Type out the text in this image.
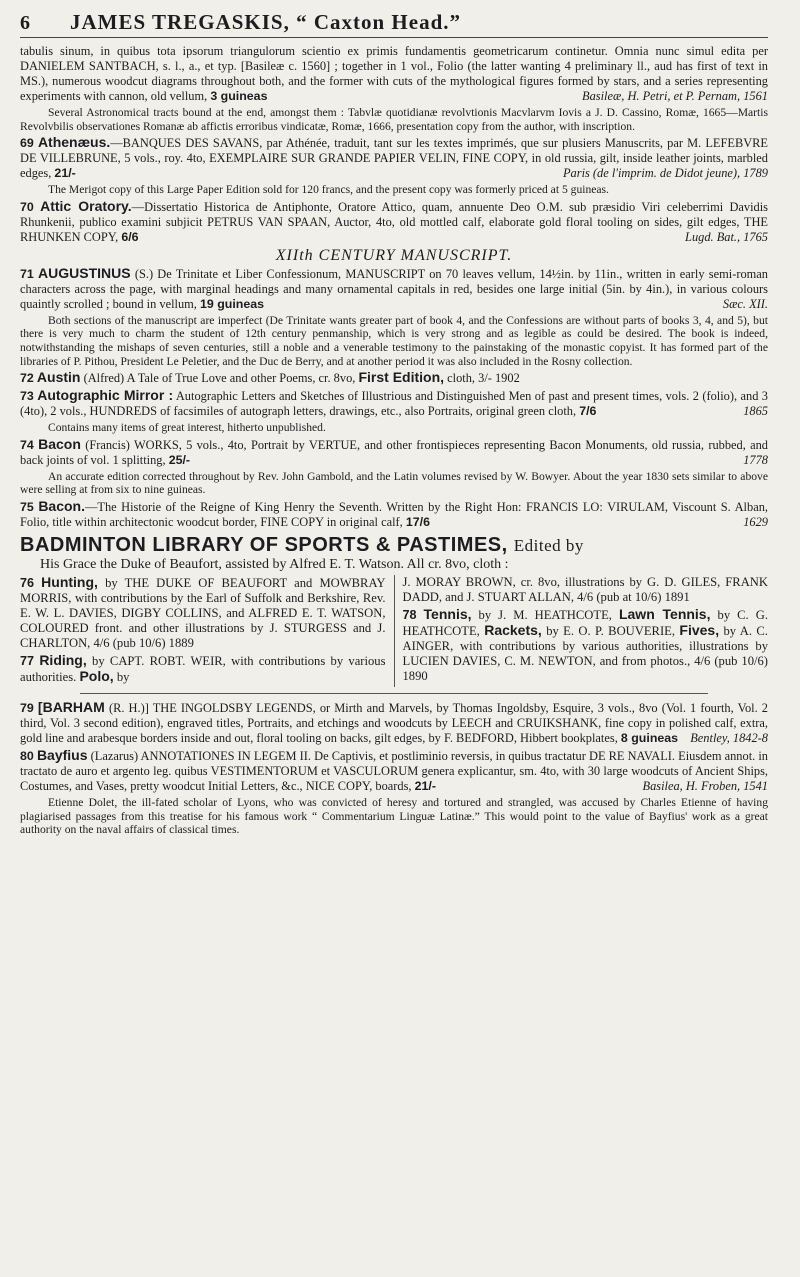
6	JAMES TREGASKIS, “ Caxton Head.”

tabulis sinum, in quibus tota ipsorum triangulorum scientio ex primis fundamentis geometricarum continetur. Omnia nunc simul edita per DANIELEM SANTBACH, s. l., a., et typ. [Basileæ c. 1560] ; together in 1 vol., Folio (the latter wanting 4 preliminary ll., aud has first of text in MS.), numerous woodcut diagrams throughout both, and the former with cuts of the mythological figures formed by stars, and a series representing experiments with cannon, old vellum, 3 guineas	Basileæ, H. Petri, et P. Pernam, 1561

Several Astronomical tracts bound at the end, amongst them : Tabvlæ quotidianæ revolvtionis Macvlarvm Iovis a J. D. Cassino, Romæ, 1665—Martis Revolvbilis observationes Romanæ ab affictis erroribus vindicatæ, Romæ, 1666, presentation copy from the author, with inscription.

69 Athenæus.—BANQUES DES SAVANS, par Athénée, traduit, tant sur les textes imprimés, que sur plusiers Manuscrits, par M. LEFEBVRE DE VILLEBRUNE, 5 vols., roy. 4to, EXEMPLAIRE SUR GRANDE PAPIER VELIN, FINE COPY, in old russia, gilt, inside leather joints, marbled edges, 21/-	Paris (de l'imprim. de Didot jeune), 1789

The Merigot copy of this Large Paper Edition sold for 120 francs, and the present copy was formerly priced at 5 guineas.

70 Attic Oratory.—Dissertatio Historica de Antiphonte, Oratore Attico, quam, annuente Deo O.M. sub præsidio Viri celeberrimi Davidis Rhunkenii, publico examini subjicit PETRUS VAN SPAAN, Auctor, 4to, old mottled calf, elaborate gold floral tooling on sides, gilt edges, THE RHUNKEN COPY, 6/6	Lugd. Bat., 1765

XIIth CENTURY MANUSCRIPT.

71 AUGUSTINUS (S.) De Trinitate et Liber Confessionum, MANUSCRIPT on 70 leaves vellum, 14½in. by 11in., written in early semi-roman characters across the page, with marginal headings and many ornamental capitals in red, besides one large initial (5in. by 4in.), in various colours quaintly scrolled ; bound in vellum, 19 guineas	Sæc. XII.

Both sections of the manuscript are imperfect (De Trinitate wants greater part of book 4, and the Confessions are without parts of books 3, 4, and 5), but there is very much to charm the student of 12th century penmanship, which is very strong and as legible as could be desired. The book is indeed, notwithstanding the mishaps of seven centuries, still a noble and a venerable testimony to the painstaking of the monastic copyist. It has formed part of the libraries of P. Pithou, President Le Peletier, and the Duc de Berry, and at another period it was also included in the Rosny collection.

72 Austin (Alfred) A Tale of True Love and other Poems, cr. 8vo, First Edition, cloth, 3/- 1902

73 Autographic Mirror : Autographic Letters and Sketches of Illustrious and Distinguished Men of past and present times, vols. 2 (folio), and 3 (4to), 2 vols., HUNDREDS of facsimiles of autograph letters, drawings, etc., also Portraits, original green cloth, 7/6	1865

Contains many items of great interest, hitherto unpublished.

74 Bacon (Francis) WORKS, 5 vols., 4to, Portrait by VERTUE, and other frontispieces representing Bacon Monuments, old russia, rubbed, and back joints of vol. 1 splitting, 25/-	1778

An accurate edition corrected throughout by Rev. John Gambold, and the Latin volumes revised by W. Bowyer. About the year 1830 sets similar to above were selling at from six to nine guineas.

75 Bacon.—The Historie of the Reigne of King Henry the Seventh. Written by the Right Hon: FRANCIS LO: VIRULAM, Viscount S. Alban, Folio, title within architectonic woodcut border, FINE COPY in original calf, 17/6	1629

BADMINTON LIBRARY OF SPORTS & PASTIMES, Edited by
His Grace the Duke of Beaufort, assisted by Alfred E. T. Watson. All cr. 8vo, cloth :

76 Hunting, by THE DUKE OF BEAUFORT and MOWBRAY MORRIS, with contributions by the Earl of Suffolk and Berkshire, Rev. E. W. L. DAVIES, DIGBY COLLINS, and ALFRED E. T. WATSON, COLOURED front. and other illustrations by J. STURGESS and J. CHARLTON, 4/6 (pub 10/6) 1889

77 Riding, by CAPT. ROBT. WEIR, with contributions by various authorities. Polo, by

J. MORAY BROWN, cr. 8vo, illustrations by G. D. GILES, FRANK DADD, and J. STUART ALLAN, 4/6 (pub at 10/6) 1891

78 Tennis, by J. M. HEATHCOTE, Lawn Tennis, by C. G. HEATHCOTE, Rackets, by E. O. P. BOUVERIE, Fives, by A. C. AINGER, with contributions by various authorities, illustrations by LUCIEN DAVIES, C. M. NEWTON, and from photos., 4/6 (pub 10/6) 1890

79 [BARHAM (R. H.)] THE INGOLDSBY LEGENDS, or Mirth and Marvels, by Thomas Ingoldsby, Esquire, 3 vols., 8vo (Vol. 1 fourth, Vol. 2 third, Vol. 3 second edition), engraved titles, Portraits, and etchings and woodcuts by LEECH and CRUIKSHANK, fine copy in polished calf, extra, gold line and arabesque borders inside and out, floral tooling on backs, gilt edges, by F. BEDFORD, Hibbert bookplates, 8 guineas Bentley, 1842-8

80 Bayfius (Lazarus) ANNOTATIONES IN LEGEM II. De Captivis, et postliminio reversis, in quibus tractatur DE RE NAVALI. Eiusdem annot. in tractato de auro et argento leg. quibus VESTIMENTORUM et VASCULORUM genera explicantur, sm. 4to, with 30 large woodcuts of Ancient Ships, Costumes, and Vases, pretty woodcut Initial Letters, &c., NICE COPY, boards, 21/-	Basilea, H. Froben, 1541

Etienne Dolet, the ill-fated scholar of Lyons, who was convicted of heresy and tortured and strangled, was accused by Charles Etienne of having plagiarised passages from this treatise for his famous work “ Commentarium Linguæ Latinæ.” This would point to the value of Bayfius' work as a great authority on the naval affairs of classical times.
